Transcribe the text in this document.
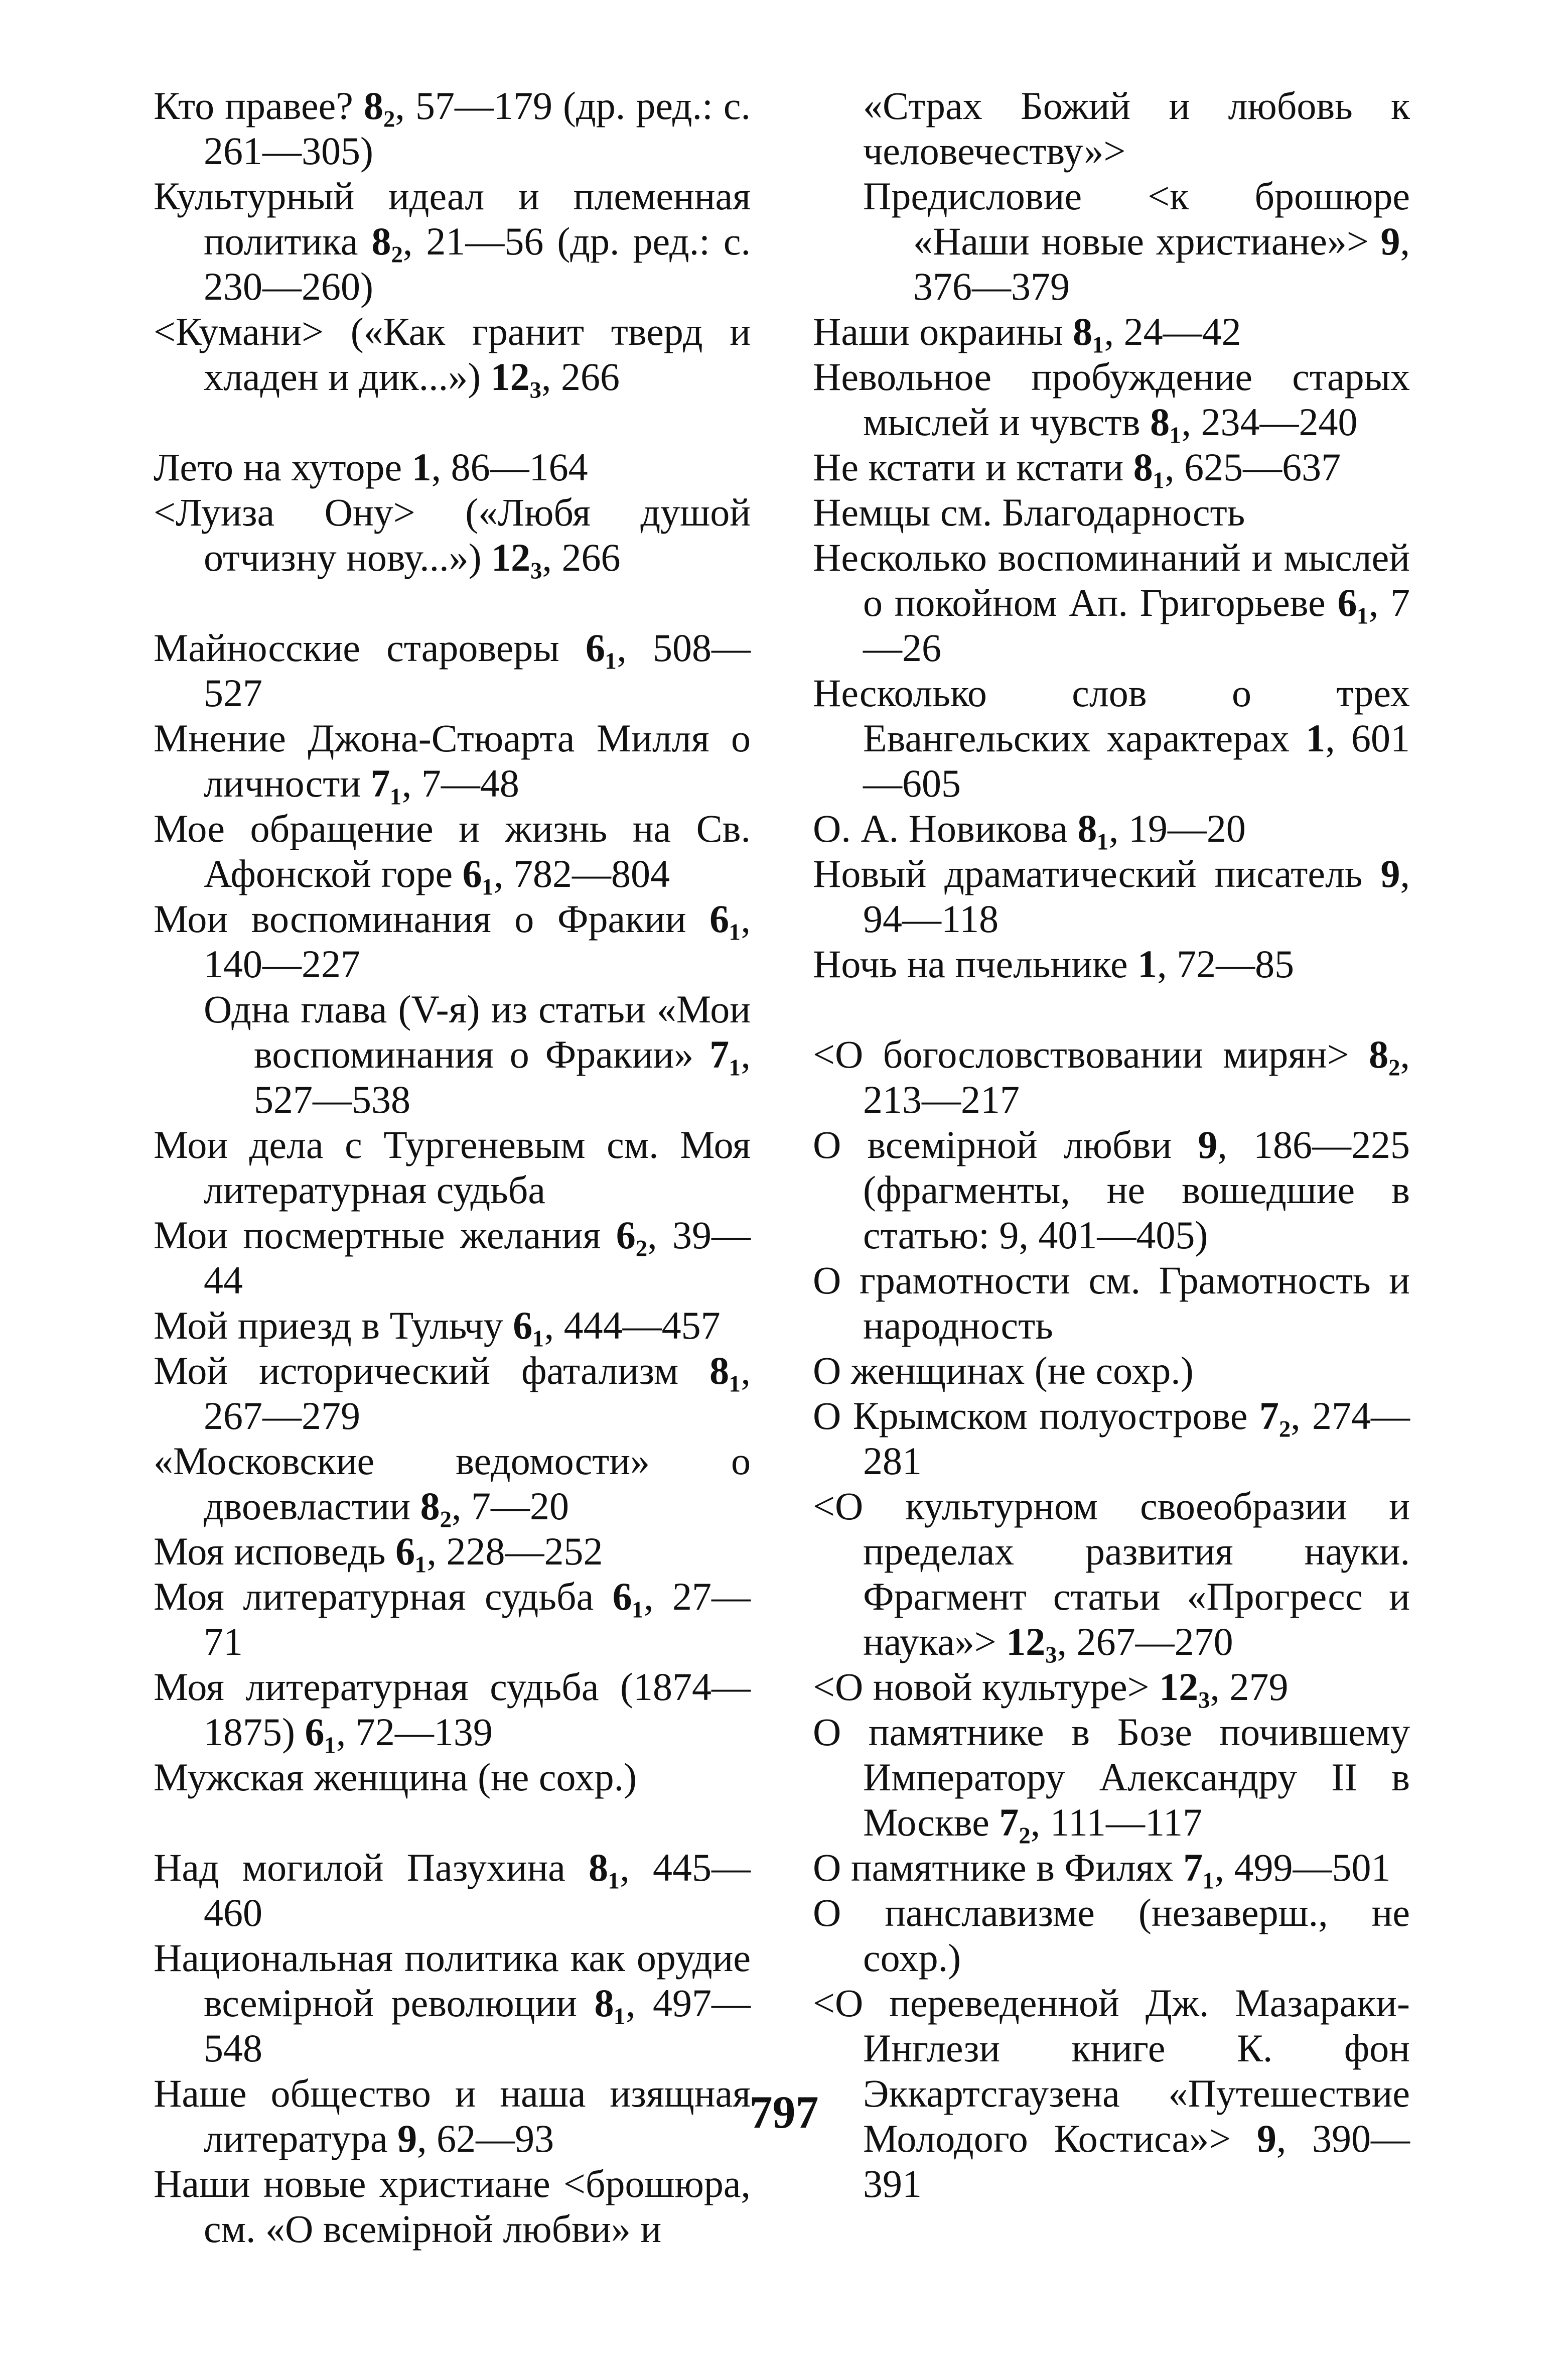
Кто правее? 8₂, 57—179 (др. ред.: с. 261—305)

Культурный идеал и племенная политика 8₂, 21—56 (др. ред.: с. 230—260)

<Кумани> («Как гранит тверд и хладен и дик...») 12₃, 266

Лето на хуторе 1, 86—164

<Луиза Ону> («Любя душой отчизну нову...») 12₃, 266

Майносские староверы 6₁, 508—527

Мнение Джона-Стюарта Милля о личности 7₁, 7—48

Мое обращение и жизнь на Св. Афонской горе 6₁, 782—804

Мои воспоминания о Фракии 6₁, 140—227

Одна глава (V-я) из статьи «Мои воспоминания о Фракии» 7₁, 527—538

Мои дела с Тургеневым см. Моя литературная судьба

Мои посмертные желания 6₂, 39—44

Мой приезд в Тульчу 6₁, 444—457

Мой исторический фатализм 8₁, 267—279

«Московские ведомости» о двоевластии 8₂, 7—20

Моя исповедь 6₁, 228—252

Моя литературная судьба 6₁, 27—71

Моя литературная судьба (1874—1875) 6₁, 72—139

Мужская женщина (не сохр.)

Над могилой Пазухина 8₁, 445—460

Национальная политика как орудие всемірной революции 8₁, 497—548

Наше общество и наша изящная литература 9, 62—93

Наши новые христиане <брошюра, см. «О всемірной любви» и

«Страх Божий и любовь к человечеству»>

Предисловие <к брошюре «Наши новые христиане»> 9, 376—379

Наши окраины 8₁, 24—42

Невольное пробуждение старых мыслей и чувств 8₁, 234—240

Не кстати и кстати 8₁, 625—637

Немцы см. Благодарность

Несколько воспоминаний и мыслей о покойном Ап. Григорьеве 6₁, 7—26

Несколько слов о трех Евангельских характерах 1, 601—605

О. А. Новикова 8₁, 19—20

Новый драматический писатель 9, 94—118

Ночь на пчельнике 1, 72—85

<О богословствовании мирян> 8₂, 213—217

О всемірной любви 9, 186—225 (фрагменты, не вошедшие в статью: 9, 401—405)

О грамотности см. Грамотность и народность

О женщинах (не сохр.)

О Крымском полуострове 7₂, 274—281

<О культурном своеобразии и пределах развития науки. Фрагмент статьи «Прогресс и наука»> 12₃, 267—270

<О новой культуре> 12₃, 279

О памятнике в Бозе почившему Императору Александру II в Москве 7₂, 111—117

О памятнике в Филях 7₁, 499—501

О панславизме (незаверш., не сохр.)

<О переведенной Дж. Мазараки-Инглези книге К. фон Эккартсгаузена «Путешествие Молодого Костиса»> 9, 390—391

797
